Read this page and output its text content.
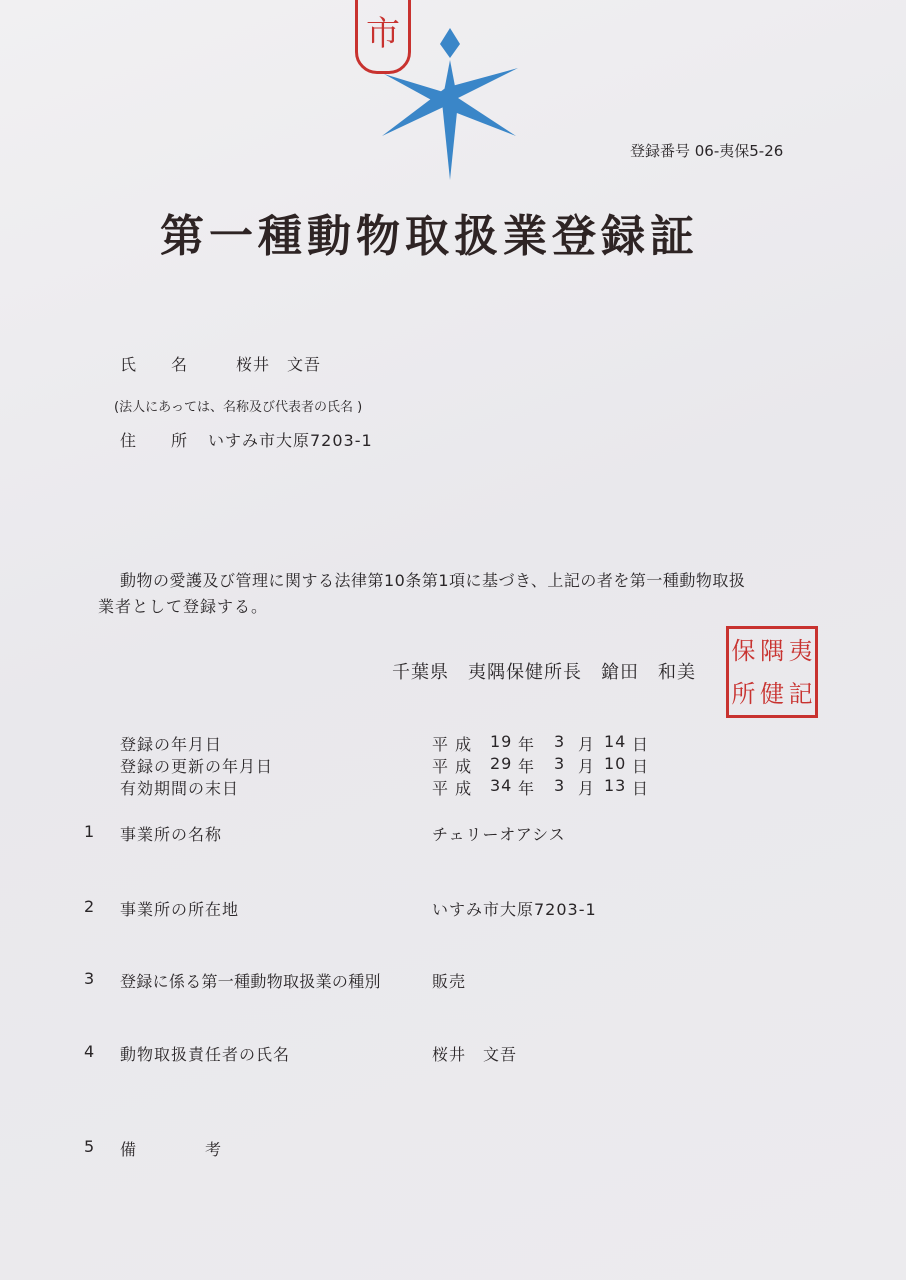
市
登録番号 06-夷保5-26
第一種動物取扱業登録証
氏　　名	桜井　文吾
(法人にあっては、名称及び代表者の氏名 )
住　　所 いすみ市大原7203-1
動物の愛護及び管理に関する法律第10条第1項に基づき、上記の者を第一種動物取扱
業者として登録する。
千葉県　夷隅保健所長　鎗田　和美
保 隅 夷
所 健 記
登録の年月日	平 成 19 年 3 月 14 日
登録の更新の年月日	平 成 29 年 3 月 10 日
有効期間の末日	平 成 34 年 3 月 13 日
1 事業所の名称	チェリーオアシス
2 事業所の所在地	いすみ市大原7203-1
3 登録に係る第一種動物取扱業の種別	販売
4 動物取扱責任者の氏名	桜井　文吾
5 備　　　　考
